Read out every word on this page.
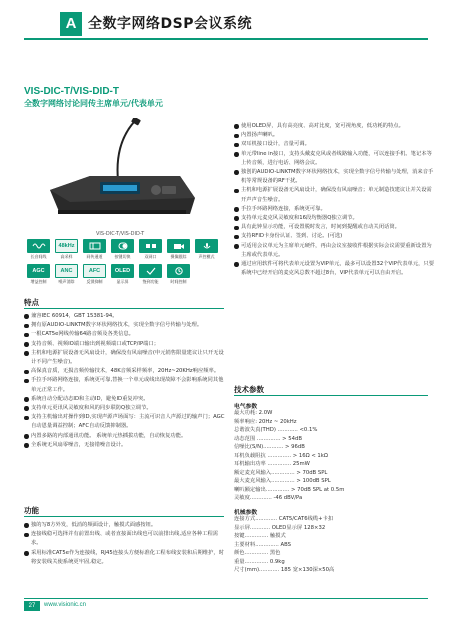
A 全数字网络DSP会议系统
VIS-DIC-T/VIS-DID-T
全数字网络讨论同传主席单元/代表单元
VIS-DIC-T/VIS-DID-T
长音间线
48kHz
高采样	同传通道	按键切换	双网口	摄像跟踪	声控模式
AGC
增益控制
ANC
噪声消除
AFC
反馈抑制
OLED
显示屏	签到功能	时间控制
特点
兼容IEC 60914，GBT 15381-94。
拥有原AUDIO-LINKTM数字环状网络技术，实现全数字信号传输与处理。
一根CAT5e网线传输64路音频及各类信息。
支持音频、视频IO端口输出到视频端口或TCP/IP端口；
主机和电源扩展设备无风扇设计，确保没有风扇噪音(申元销售限量建议让只开无设计不同产生噪音)。
高保真音质，无损音频传输技术，48K音频采样频率，20Hz~20KHz响应频率。
手拉手环路网络连接，系统更可靠,替换一个单元或线出现故障不会影响系统同其他单元正常工作。
系统自动分配动态ID和主动ID，避免ID重复冲突。
支持单元更讯风灵敏度和风的同步联防Q独立调节。
支持主机输出对操作到ID,实现声源声场面写：主流可识音人声源过的输声门；AGC自动恩量调益控制；AFC自动反馈抑制器。
内置多路的内部通讯功能。 系统单元热插拔功能，自动恢复功能。
全系统无风扇零噪音，无接错噪音设计。
功能
独的写8方外发，低消的频面设计，触摸式面感按钮。
连接线稳可选择并有前置出线、或者直接面出线也可以前排出线,适应各种工程需求。
采用标准CAT5e作为连接线，RJ45连接头方便标准化工程布线安装和后期维护，时将安装线关使系统更牢固,稳定。
使用OLED屏，具有高亮度、高对比度，宽可视角度，低功耗的特点。
内置扬声喇叭。
双耳机接口设计，音量可调。
单元带line in接口，支持头戴麦克风或者线路输入功能，可以连接手机、笔记本等上传音频，进行电话、网络会议。
独创的AUDIO-LINKTM数字环状网络技术，实现全数字信号传输与处理，消来音手机等常规设备的RF干扰。
主机和电源扩展设备无风扇设计，确保没有风扇噪音；单元制造技建议让并关设需开声声音生噪音。
手拉手环路网络连接，系统更可靠。
支持单元麦克风灵敏度和16段均衡器Q独立调节。
具有此钟显示功能，可设置脱时发言，时间到提醒或自动关闭话筒。
支持RFID卡身份认证、签到、讨论。(可选)
可适用会议单元为主席单元硬件，再由会议室接收件根据实际会议需要重新设置为主席或代表单元。
通过应用软件可将代表单元设置为VIP单元，最多可以设置32个VIP代表单元，只要系统中已经开启的麦克风总数不超过8台，VIP代表单元可以自由开启。
技术参数
电气参数
最大功耗: 2.0W
频率响应: 20Hz ~ 20kHz
总谐波失真(THD) ............ <0.1%
动态范围 .............. > 54dB
信噪比(S/N)............ > 96dB
耳机负载阻抗 .............. > 16Ω < 1kΩ
耳机输出功率 .............. 25mW
额定麦克风输入.............. > 70dB SPL
最大麦克风输入.............. > 100dB SPL
喇叭额定输出.............. > 70dB SPL at 0.5m
灵敏度............. -46 dBV/Pa
机械参数
连接方式............. CAT5/CAT6线缆+卡扣
显示屏............ OLED显示屏 128×32
按键.............. 触摸式
主要材料.............. ABS
颜色.............. 黑色
重量.............. 0.9kg
尺寸(mm)............ 185 宽×130深×50高
27	www.visionic.cn
